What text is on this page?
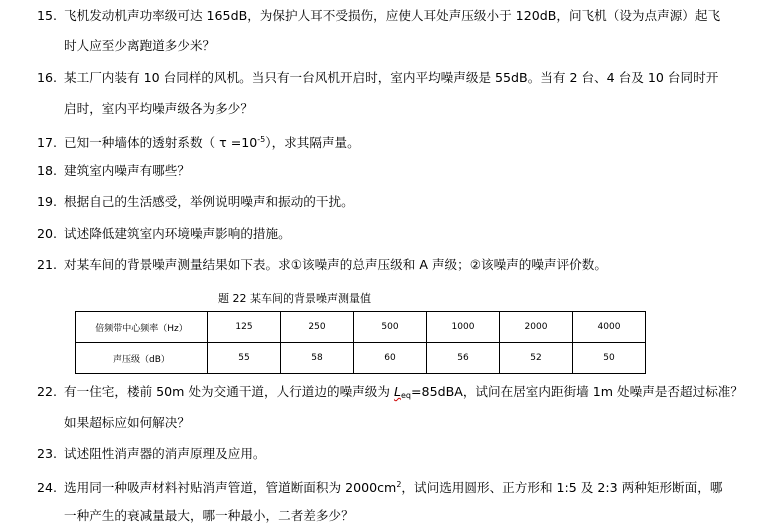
15. 飞机发动机声功率级可达 165dB，为保护人耳不受损伤，应使人耳处声压级小于 120dB，问飞机（设为点声源）起飞
时人应至少离跑道多少米？
16. 某工厂内装有 10 台同样的风机。当只有一台风机开启时，室内平均噪声级是 55dB。当有 2 台、4 台及 10 台同时开
启时，室内平均噪声级各为多少？
17. 已知一种墙体的透射系数（ $\tau =10^{-5}$），求其隔声量。
18. 建筑室内噪声有哪些？
19. 根据自己的生活感受，举例说明噪声和振动的干扰。
20. 试述降低建筑室内环境噪声影响的措施。
21. 对某车间的背景噪声测量结果如下表。求①该噪声的总声压级和 A 声级；②该噪声的噪声评价数。
题 22 某车间的背景噪声测量值
倍频带中心频率（Hz）	125	250	500	1000	2000	4000
声压级（dB）	55	58	60	56	52	50
22. 有一住宅，楼前 50m 处为交通干道，人行道边的噪声级为 $L_{eq}=85dBA$，试问在居室内距街墙 1m 处噪声是否超过标准？
如果超标应如何解决？
23. 试述阻性消声器的消声原理及应用。
24. 选用同一种吸声材料衬贴消声管道，管道断面积为 $2000cm^2$，试问选用圆形、正方形和 1:5 及 2:3 两种矩形断面，哪
一种产生的衰减量最大，哪一种最小，二者差多少？
